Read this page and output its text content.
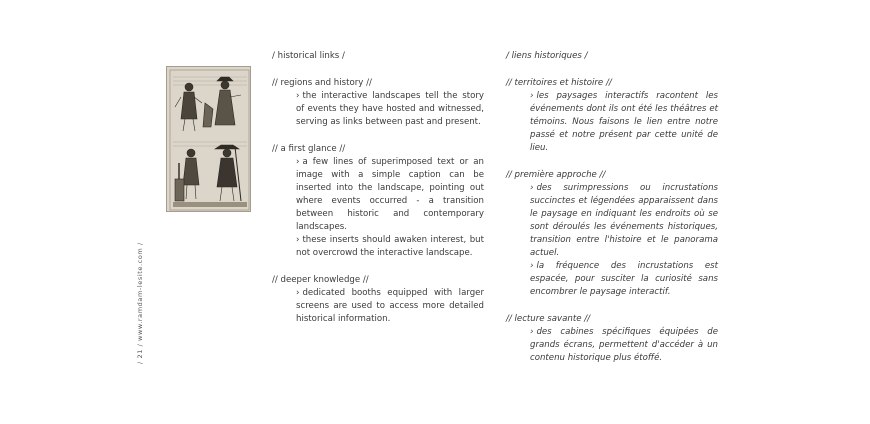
/ 21 / www.ramdam-lesite.com /
/ historical links /
// regions and history //
› the interactive landscapes tell the story of events they have hosted and witnessed, serving as links between past and present.
// a first glance //
› a few lines of superimposed text or an image with a simple caption can be inserted into the landscape, pointing out where events occurred - a transition between historic and contemporary landscapes.
› these inserts should awaken interest, but not overcrowd the interactive landscape.
// deeper knowledge //
› dedicated booths equipped with larger screens are used to access more detailed historical information.
/ liens historiques /
// territoires et histoire //
› les paysages interactifs racontent les événements dont ils ont été les théâtres et témoins. Nous faisons le lien entre notre passé et notre présent par cette unité de lieu.
// première approche //
› des surimpressions ou incrustations succinctes et légendées apparaissent dans le paysage en indiquant les endroits où se sont déroulés les événements historiques, transition entre l'histoire et le panorama actuel.
› la fréquence des incrustations est espacée, pour susciter la curiosité sans encombrer le paysage interactif.
// lecture savante //
› des cabines spécifiques équipées de grands écrans, permettent d'accéder à un contenu historique plus étoffé.
